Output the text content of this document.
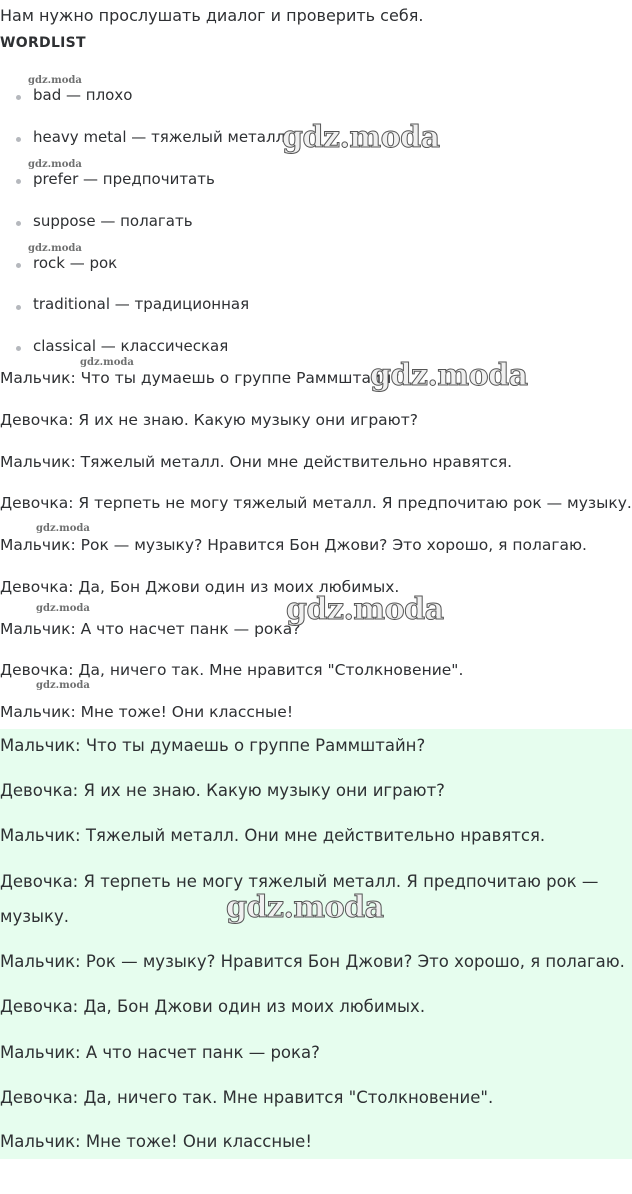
Нам нужно прослушать диалог и проверить себя.
WORDLIST
bad — плохо
heavy metal — тяжелый металл
prefer — предпочитать
suppose — полагать
rock — рок
traditional — традиционная
classical — классическая
Мальчик: Что ты думаешь о группе Раммштайн?
Девочка: Я их не знаю. Какую музыку они играют?
Мальчик: Тяжелый металл. Они мне действительно нравятся.
Девочка: Я терпеть не могу тяжелый металл. Я предпочитаю рок — музыку.
Мальчик: Рок — музыку? Нравится Бон Джови? Это хорошо, я полагаю.
Девочка: Да, Бон Джови один из моих любимых.
Мальчик: А что насчет панк — рока?
Девочка: Да, ничего так. Мне нравится "Столкновение".
Мальчик: Мне тоже! Они классные!
Мальчик: Что ты думаешь о группе Раммштайн?
Девочка: Я их не знаю. Какую музыку они играют?
Мальчик: Тяжелый металл. Они мне действительно нравятся.
Девочка: Я терпеть не могу тяжелый металл. Я предпочитаю рок —
музыку.
Мальчик: Рок — музыку? Нравится Бон Джови? Это хорошо, я полагаю.
Девочка: Да, Бон Джови один из моих любимых.
Мальчик: А что насчет панк — рока?
Девочка: Да, ничего так. Мне нравится "Столкновение".
Мальчик: Мне тоже! Они классные!
gdz.moda
gdz.moda
gdz.moda
gdz.moda
gdz.moda
gdz.moda
gdz.moda
gdz.moda
gdz.moda
gdz.moda
gdz.moda
